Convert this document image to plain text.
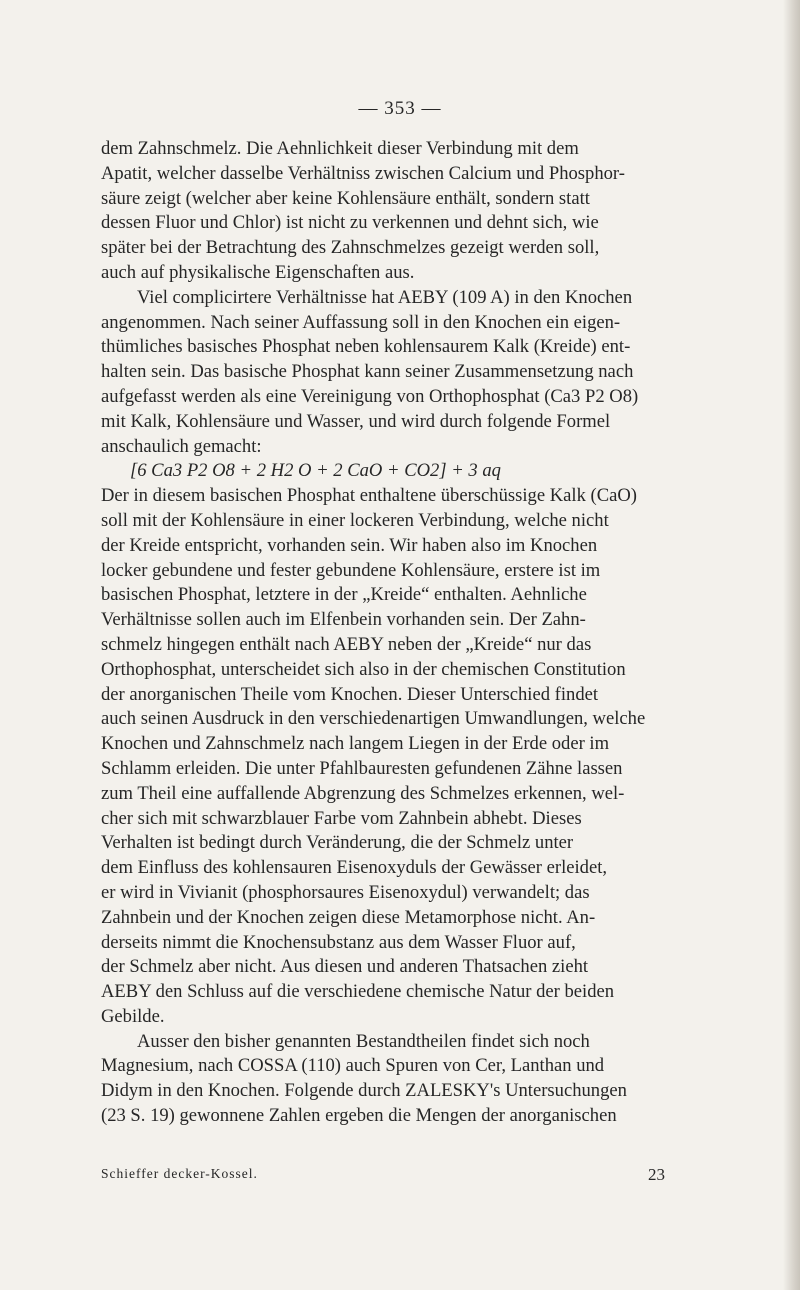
— 353 —

dem Zahnschmelz. Die Aehnlichkeit dieser Verbindung mit dem
Apatit, welcher dasselbe Verhältniss zwischen Calcium und Phosphor-
säure zeigt (welcher aber keine Kohlensäure enthält, sondern statt
dessen Fluor und Chlor) ist nicht zu verkennen und dehnt sich, wie
später bei der Betrachtung des Zahnschmelzes gezeigt werden soll,
auch auf physikalische Eigenschaften aus.

Viel complicirtere Verhältnisse hat AEBY (109 A) in den Knochen
angenommen. Nach seiner Auffassung soll in den Knochen ein eigen-
thümliches basisches Phosphat neben kohlensaurem Kalk (Kreide) ent-
halten sein. Das basische Phosphat kann seiner Zusammensetzung nach
aufgefasst werden als eine Vereinigung von Orthophosphat (Ca3 P2 O8)
mit Kalk, Kohlensäure und Wasser, und wird durch folgende Formel
anschaulich gemacht:
[6 Ca3 P2 O8 + 2 H2 O + 2 CaO + CO2] + 3 aq
Der in diesem basischen Phosphat enthaltene überschüssige Kalk (CaO)
soll mit der Kohlensäure in einer lockeren Verbindung, welche nicht
der Kreide entspricht, vorhanden sein. Wir haben also im Knochen
locker gebundene und fester gebundene Kohlensäure, erstere ist im
basischen Phosphat, letztere in der „Kreide“ enthalten. Aehnliche
Verhältnisse sollen auch im Elfenbein vorhanden sein. Der Zahn-
schmelz hingegen enthält nach AEBY neben der „Kreide“ nur das
Orthophosphat, unterscheidet sich also in der chemischen Constitution
der anorganischen Theile vom Knochen. Dieser Unterschied findet
auch seinen Ausdruck in den verschiedenartigen Umwandlungen, welche
Knochen und Zahnschmelz nach langem Liegen in der Erde oder im
Schlamm erleiden. Die unter Pfahlbauresten gefundenen Zähne lassen
zum Theil eine auffallende Abgrenzung des Schmelzes erkennen, wel-
cher sich mit schwarzblauer Farbe vom Zahnbein abhebt. Dieses
Verhalten ist bedingt durch Veränderung, die der Schmelz unter
dem Einfluss des kohlensauren Eisenoxyduls der Gewässer erleidet,
er wird in Vivianit (phosphorsaures Eisenoxydul) verwandelt; das
Zahnbein und der Knochen zeigen diese Metamorphose nicht. An-
derseits nimmt die Knochensubstanz aus dem Wasser Fluor auf,
der Schmelz aber nicht. Aus diesen und anderen Thatsachen zieht
AEBY den Schluss auf die verschiedene chemische Natur der beiden
Gebilde.

Ausser den bisher genannten Bestandtheilen findet sich noch
Magnesium, nach COSSA (110) auch Spuren von Cer, Lanthan und
Didym in den Knochen. Folgende durch ZALESKY's Untersuchungen
(23 S. 19) gewonnene Zahlen ergeben die Mengen der anorganischen

Schieffer decker-Kossel.	23
